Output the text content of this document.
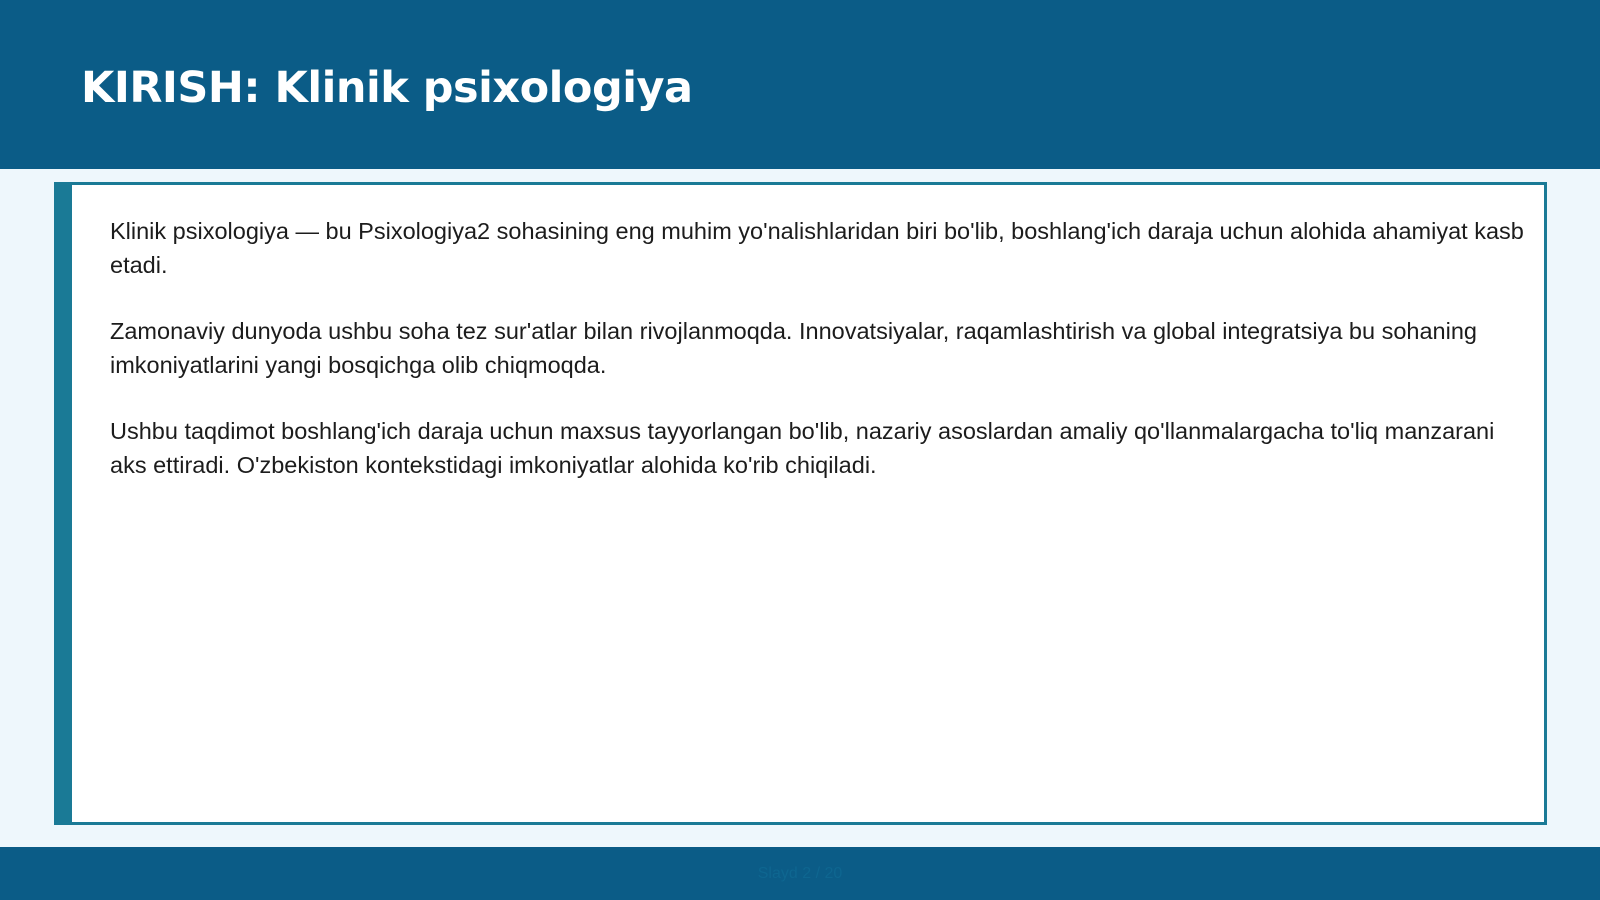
KIRISH: Klinik psixologiya

Klinik psixologiya — bu Psixologiya2 sohasining eng muhim yo'nalishlaridan biri bo'lib, boshlang'ich daraja uchun alohida ahamiyat kasb etadi.

Zamonaviy dunyoda ushbu soha tez sur'atlar bilan rivojlanmoqda. Innovatsiyalar, raqamlashtirish va global integratsiya bu sohaning imkoniyatlarini yangi bosqichga olib chiqmoqda.

Ushbu taqdimot boshlang'ich daraja uchun maxsus tayyorlangan bo'lib, nazariy asoslardan amaliy qo'llanmalargacha to'liq manzarani aks ettiradi. O'zbekiston kontekstidagi imkoniyatlar alohida ko'rib chiqiladi.

Slayd 2 / 20
